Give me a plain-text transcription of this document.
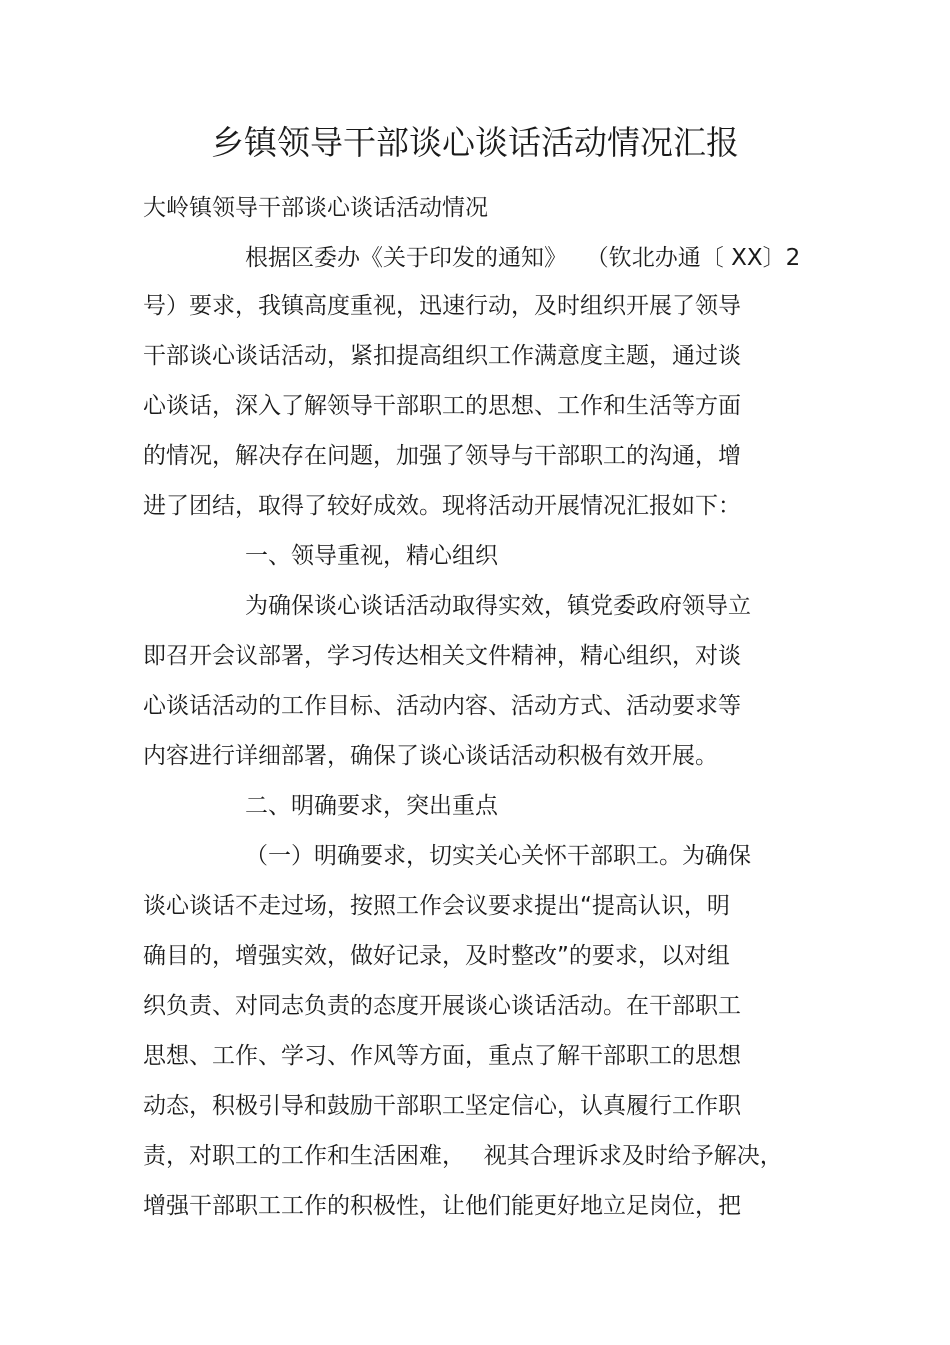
乡镇领导干部谈心谈话活动情况汇报
大岭镇领导干部谈心谈话活动情况
根据区委办《关于印发的通知》　 （钦北办通〔 XX〕2
号）要求，我镇高度重视，迅速行动，及时组织开展了领导
干部谈心谈话活动，紧扣提高组织工作满意度主题，通过谈
心谈话，深入了解领导干部职工的思想、工作和生活等方面
的情况，解决存在问题，加强了领导与干部职工的沟通，增
进了团结，取得了较好成效。现将活动开展情况汇报如下：
一、领导重视，精心组织
为确保谈心谈话活动取得实效，镇党委政府领导立
即召开会议部署，学习传达相关文件精神，精心组织，对谈
心谈话活动的工作目标、活动内容、活动方式、活动要求等
内容进行详细部署，确保了谈心谈话活动积极有效开展。
二、明确要求，突出重点
（一）明确要求，切实关心关怀干部职工。为确保
谈心谈话不走过场，按照工作会议要求提出“提高认识，明
确目的，增强实效，做好记录，及时整改”的要求，以对组
织负责、对同志负责的态度开展谈心谈话活动。在干部职工
思想、工作、学习、作风等方面，重点了解干部职工的思想
动态，积极引导和鼓励干部职工坚定信心，认真履行工作职
责，对职工的工作和生活困难，　 视其合理诉求及时给予解决，
增强干部职工工作的积极性，让他们能更好地立足岗位，把
